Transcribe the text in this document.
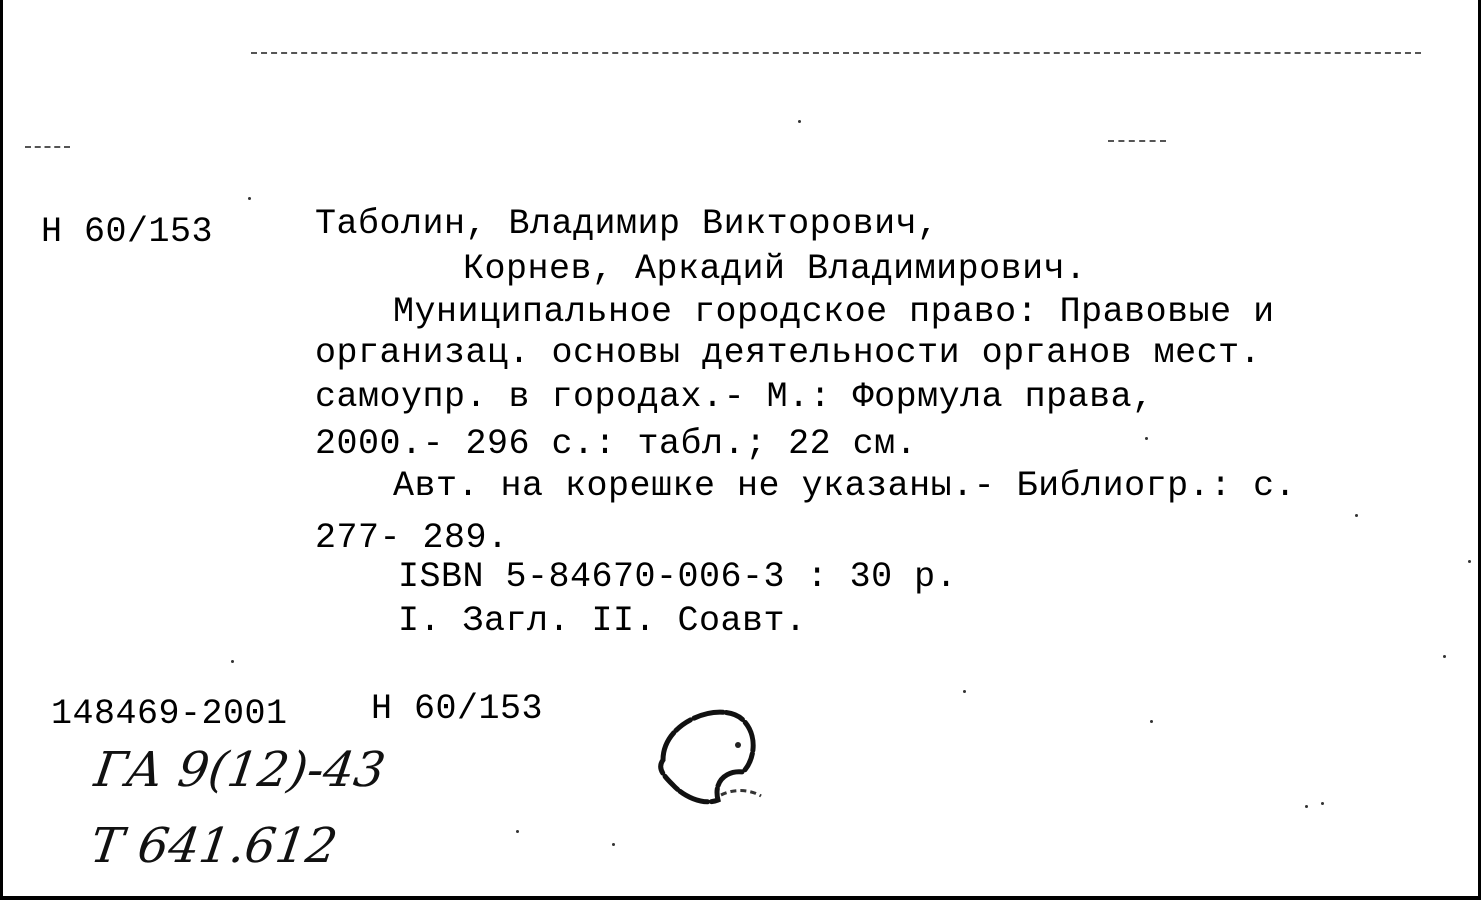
Н 60/153	Таболин, Владимир Викторович,
Корнев, Аркадий Владимирович.
Муниципальное городское право: Правовые и
организац. основы деятельности органов мест.
самоупр. в городах.- М.: Формула права,
2000.- 296 с.: табл.; 22 см.
Авт. на корешке не указаны.- Библиогр.: с.
277- 289.
ISBN 5-84670-006-3 : 30 р.
I. Загл. II. Соавт.
148469-2001 Н 60/153
ГА 9(12)-43
Т 641.612
